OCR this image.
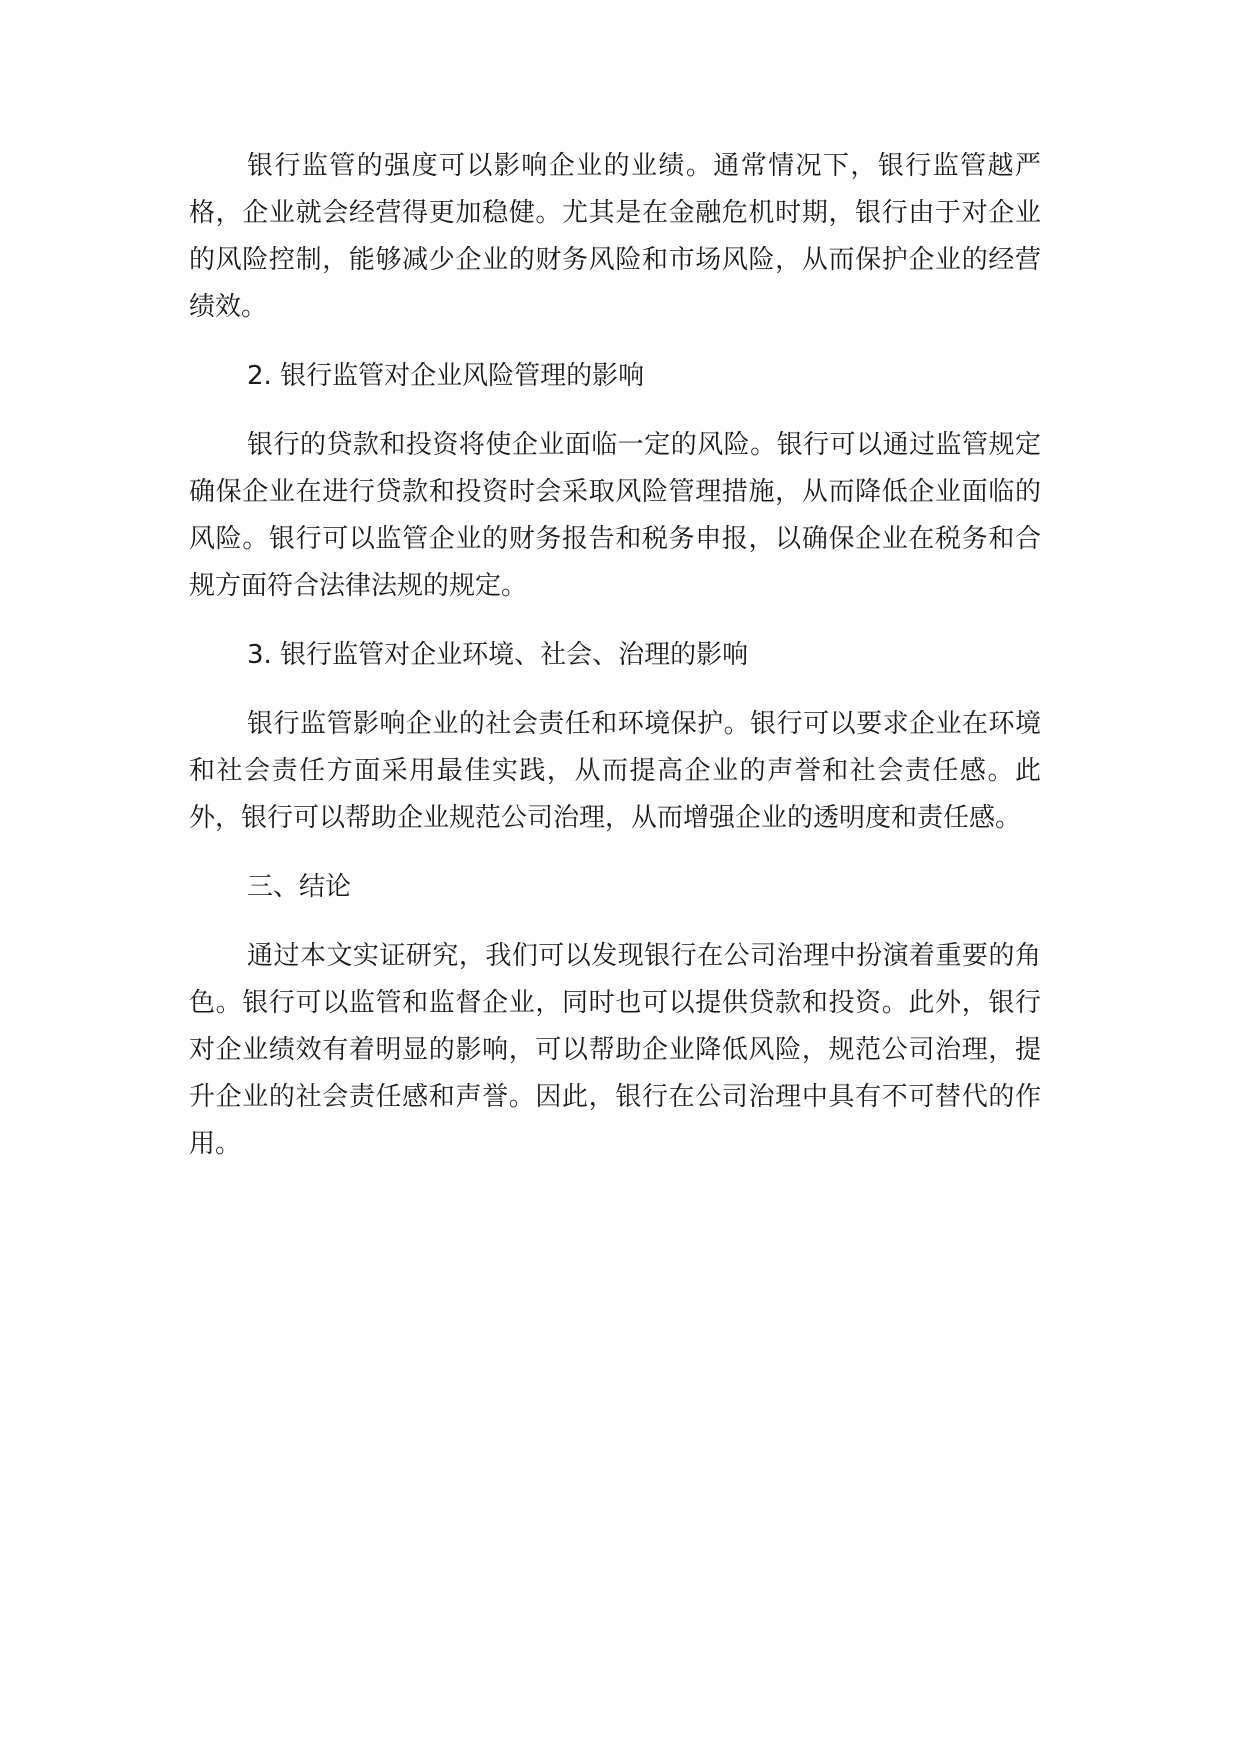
银行监管的强度可以影响企业的业绩。通常情况下，银行监管越严格，企业就会经营得更加稳健。尤其是在金融危机时期，银行由于对企业的风险控制，能够减少企业的财务风险和市场风险，从而保护企业的经营绩效。

2. 银行监管对企业风险管理的影响

银行的贷款和投资将使企业面临一定的风险。银行可以通过监管规定确保企业在进行贷款和投资时会采取风险管理措施，从而降低企业面临的风险。银行可以监管企业的财务报告和税务申报，以确保企业在税务和合规方面符合法律法规的规定。

3. 银行监管对企业环境、社会、治理的影响

银行监管影响企业的社会责任和环境保护。银行可以要求企业在环境和社会责任方面采用最佳实践，从而提高企业的声誉和社会责任感。此外，银行可以帮助企业规范公司治理，从而增强企业的透明度和责任感。

三、结论

通过本文实证研究，我们可以发现银行在公司治理中扮演着重要的角色。银行可以监管和监督企业，同时也可以提供贷款和投资。此外，银行对企业绩效有着明显的影响，可以帮助企业降低风险，规范公司治理，提升企业的社会责任感和声誉。因此，银行在公司治理中具有不可替代的作用。
